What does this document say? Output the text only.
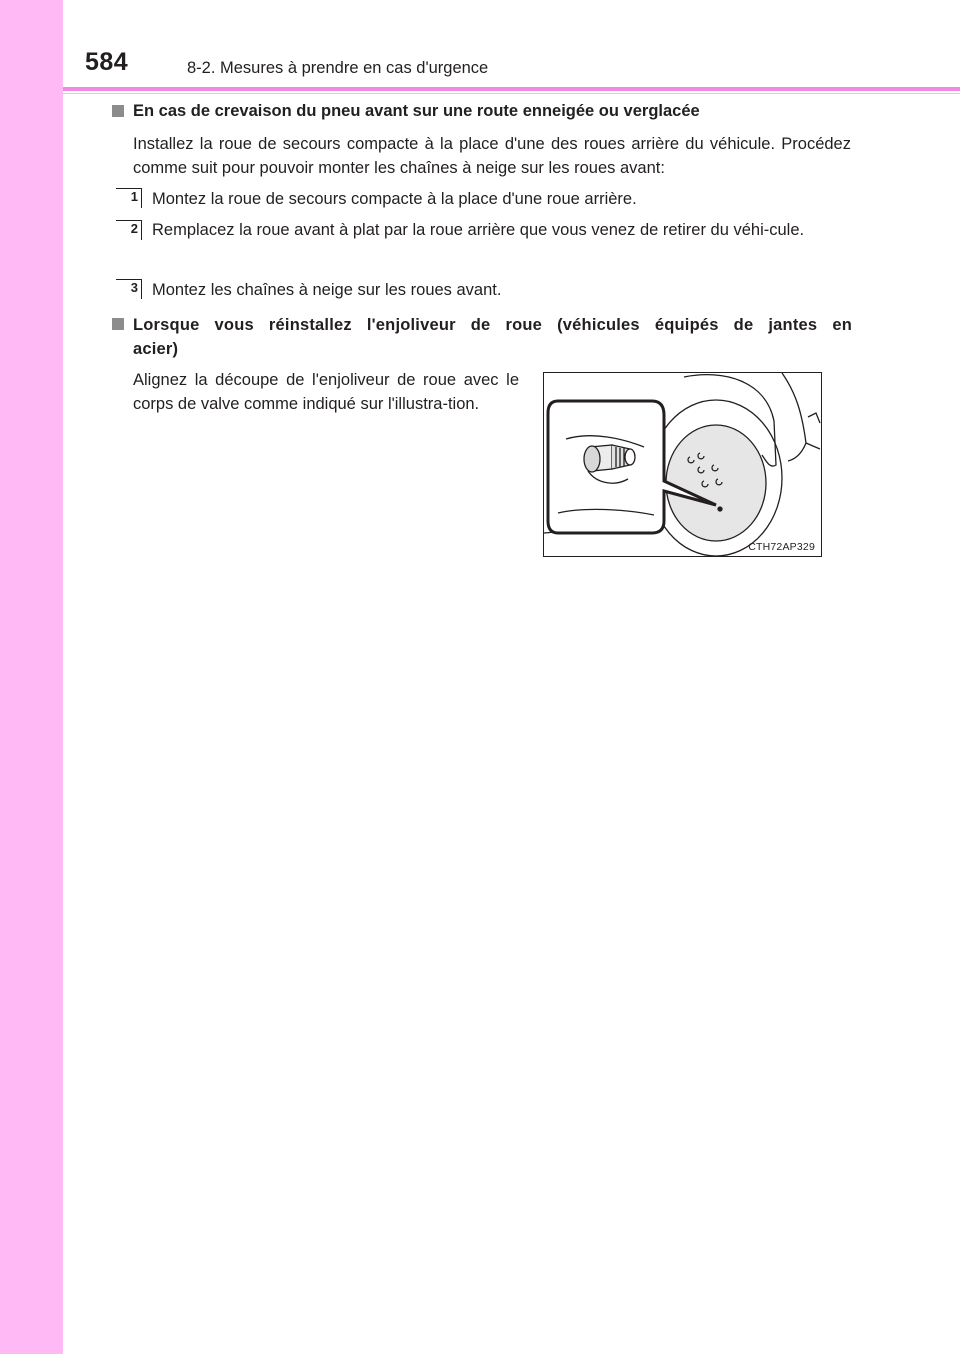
584	8-2. Mesures à prendre en cas d'urgence
En cas de crevaison du pneu avant sur une route enneigée ou verglacée
Installez la roue de secours compacte à la place d'une des roues arrière du véhicule. Procédez comme suit pour pouvoir monter les chaînes à neige sur les roues avant:
1 Montez la roue de secours compacte à la place d'une roue arrière.
2 Remplacez la roue avant à plat par la roue arrière que vous venez de retirer du véhi-cule.
3 Montez les chaînes à neige sur les roues avant.
Lorsque vous réinstallez l'enjoliveur de roue (véhicules équipés de jantes en acier)
Alignez la découpe de l'enjoliveur de roue avec le corps de valve comme indiqué sur l'illustra-tion.
CTH72AP329
